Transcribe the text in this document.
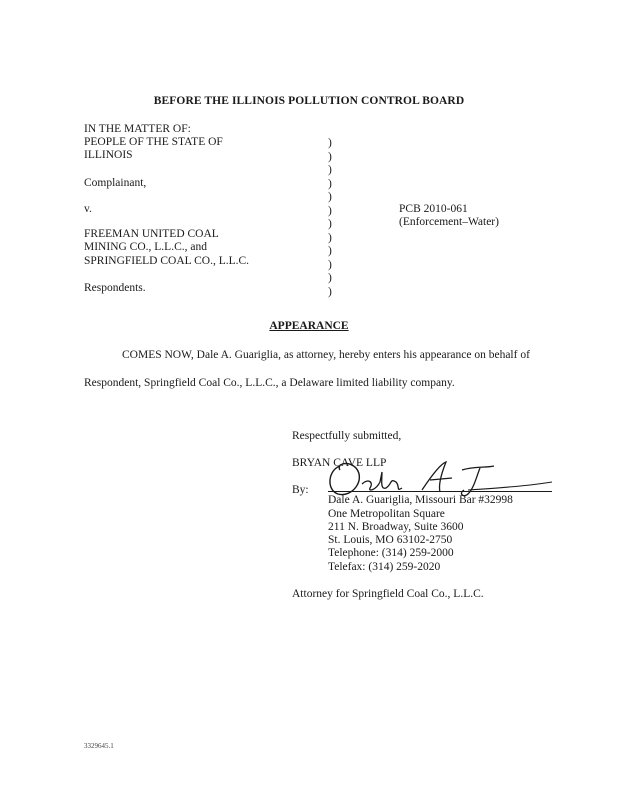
BEFORE THE ILLINOIS POLLUTION CONTROL BOARD
IN THE MATTER OF:
PEOPLE OF THE STATE OF
ILLINOIS
Complainant,
v.
FREEMAN UNITED COAL
MINING CO., L.L.C., and
SPRINGFIELD COAL CO., L.L.C.
Respondents.
)
)
)
)
)
)
)
)
)
)
)
)
PCB 2010-061
(Enforcement–Water)
APPEARANCE
COMES NOW, Dale A. Guariglia, as attorney, hereby enters his appearance on behalf of
Respondent, Springfield Coal Co., L.L.C., a Delaware limited liability company.
Respectfully submitted,
BRYAN CAVE LLP
By:
Dale A. Guariglia, Missouri Bar #32998
One Metropolitan Square
211 N. Broadway, Suite 3600
St. Louis, MO 63102-2750
Telephone: (314) 259-2000
Telefax: (314) 259-2020
Attorney for Springfield Coal Co., L.L.C.
3329645.1
